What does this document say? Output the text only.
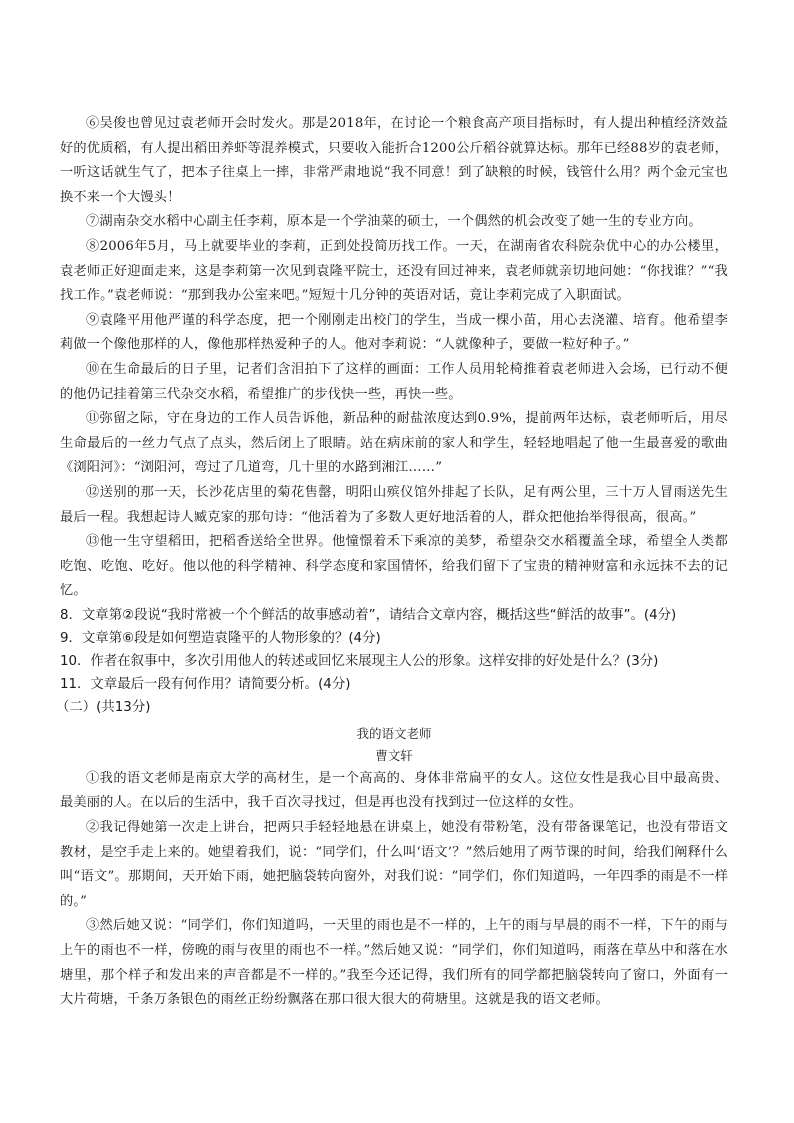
⑥吴俊也曾见过袁老师开会时发火。那是2018年，在讨论一个粮食高产项目指标时，有人提出种植经济效益好的优质稻，有人提出稻田养虾等混养模式，只要收入能折合1200公斤稻谷就算达标。那年已经88岁的袁老师，一听这话就生气了，把本子往桌上一摔，非常严肃地说“我不同意！到了缺粮的时候，钱管什么用？两个金元宝也换不来一个大馒头！

⑦湖南杂交水稻中心副主任李莉，原本是一个学油菜的硕士，一个偶然的机会改变了她一生的专业方向。

⑧2006年5月，马上就要毕业的李莉，正到处投简历找工作。一天，在湖南省农科院杂优中心的办公楼里，袁老师正好迎面走来，这是李莉第一次见到袁隆平院士，还没有回过神来，袁老师就亲切地问她：“你找谁？”“我找工作。”袁老师说：“那到我办公室来吧。”短短十几分钟的英语对话，竟让李莉完成了入职面试。

⑨袁隆平用他严谨的科学态度，把一个刚刚走出校门的学生，当成一棵小苗，用心去浇灌、培育。他希望李莉做一个像他那样的人，像他那样热爱种子的人。他对李莉说：“人就像种子，要做一粒好种子。”

⑩在生命最后的日子里，记者们含泪拍下了这样的画面：工作人员用轮椅推着袁老师进入会场，已行动不便的他仍记挂着第三代杂交水稻，希望推广的步伐快一些，再快一些。

⑪弥留之际，守在身边的工作人员告诉他，新品种的耐盐浓度达到0.9%，提前两年达标，袁老师听后，用尽生命最后的一丝力气点了点头，然后闭上了眼睛。站在病床前的家人和学生，轻轻地唱起了他一生最喜爱的歌曲《浏阳河》：“浏阳河，弯过了几道弯，几十里的水路到湘江……”

⑫送别的那一天，长沙花店里的菊花售罄，明阳山殡仪馆外排起了长队，足有两公里，三十万人冒雨送先生最后一程。我想起诗人臧克家的那句诗：“他活着为了多数人更好地活着的人，群众把他抬举得很高，很高。”

⑬他一生守望稻田，把稻香送给全世界。他憧憬着禾下乘凉的美梦，希望杂交水稻覆盖全球，希望全人类都吃饱、吃饱、吃好。他以他的科学精神、科学态度和家国情怀，给我们留下了宝贵的精神财富和永远抹不去的记忆。

8．文章第②段说“我时常被一个个鲜活的故事感动着”，请结合文章内容，概括这些“鲜活的故事”。(4分)

9．文章第⑥段是如何塑造袁隆平的人物形象的？(4分)

10．作者在叙事中，多次引用他人的转述或回忆来展现主人公的形象。这样安排的好处是什么？(3分)

11．文章最后一段有何作用？请简要分析。(4分)

（二）(共13分)

我的语文老师

曹文轩

①我的语文老师是南京大学的高材生，是一个高高的、身体非常扁平的女人。这位女性是我心目中最高贵、最美丽的人。在以后的生活中，我千百次寻找过，但是再也没有找到过一位这样的女性。

②我记得她第一次走上讲台，把两只手轻轻地悬在讲桌上，她没有带粉笔，没有带备课笔记，也没有带语文教材，是空手走上来的。她望着我们，说：“同学们，什么叫‘语文’？”然后她用了两节课的时间，给我们阐释什么叫“语文”。那期间，天开始下雨，她把脑袋转向窗外，对我们说：“同学们，你们知道吗，一年四季的雨是不一样的。”

③然后她又说：“同学们，你们知道吗，一天里的雨也是不一样的，上午的雨与早晨的雨不一样，下午的雨与上午的雨也不一样，傍晚的雨与夜里的雨也不一样。”然后她又说：“同学们，你们知道吗，雨落在草丛中和落在水塘里，那个样子和发出来的声音都是不一样的。”我至今还记得，我们所有的同学都把脑袋转向了窗口，外面有一大片荷塘，千条万条银色的雨丝正纷纷飘落在那口很大很大的荷塘里。这就是我的语文老师。
